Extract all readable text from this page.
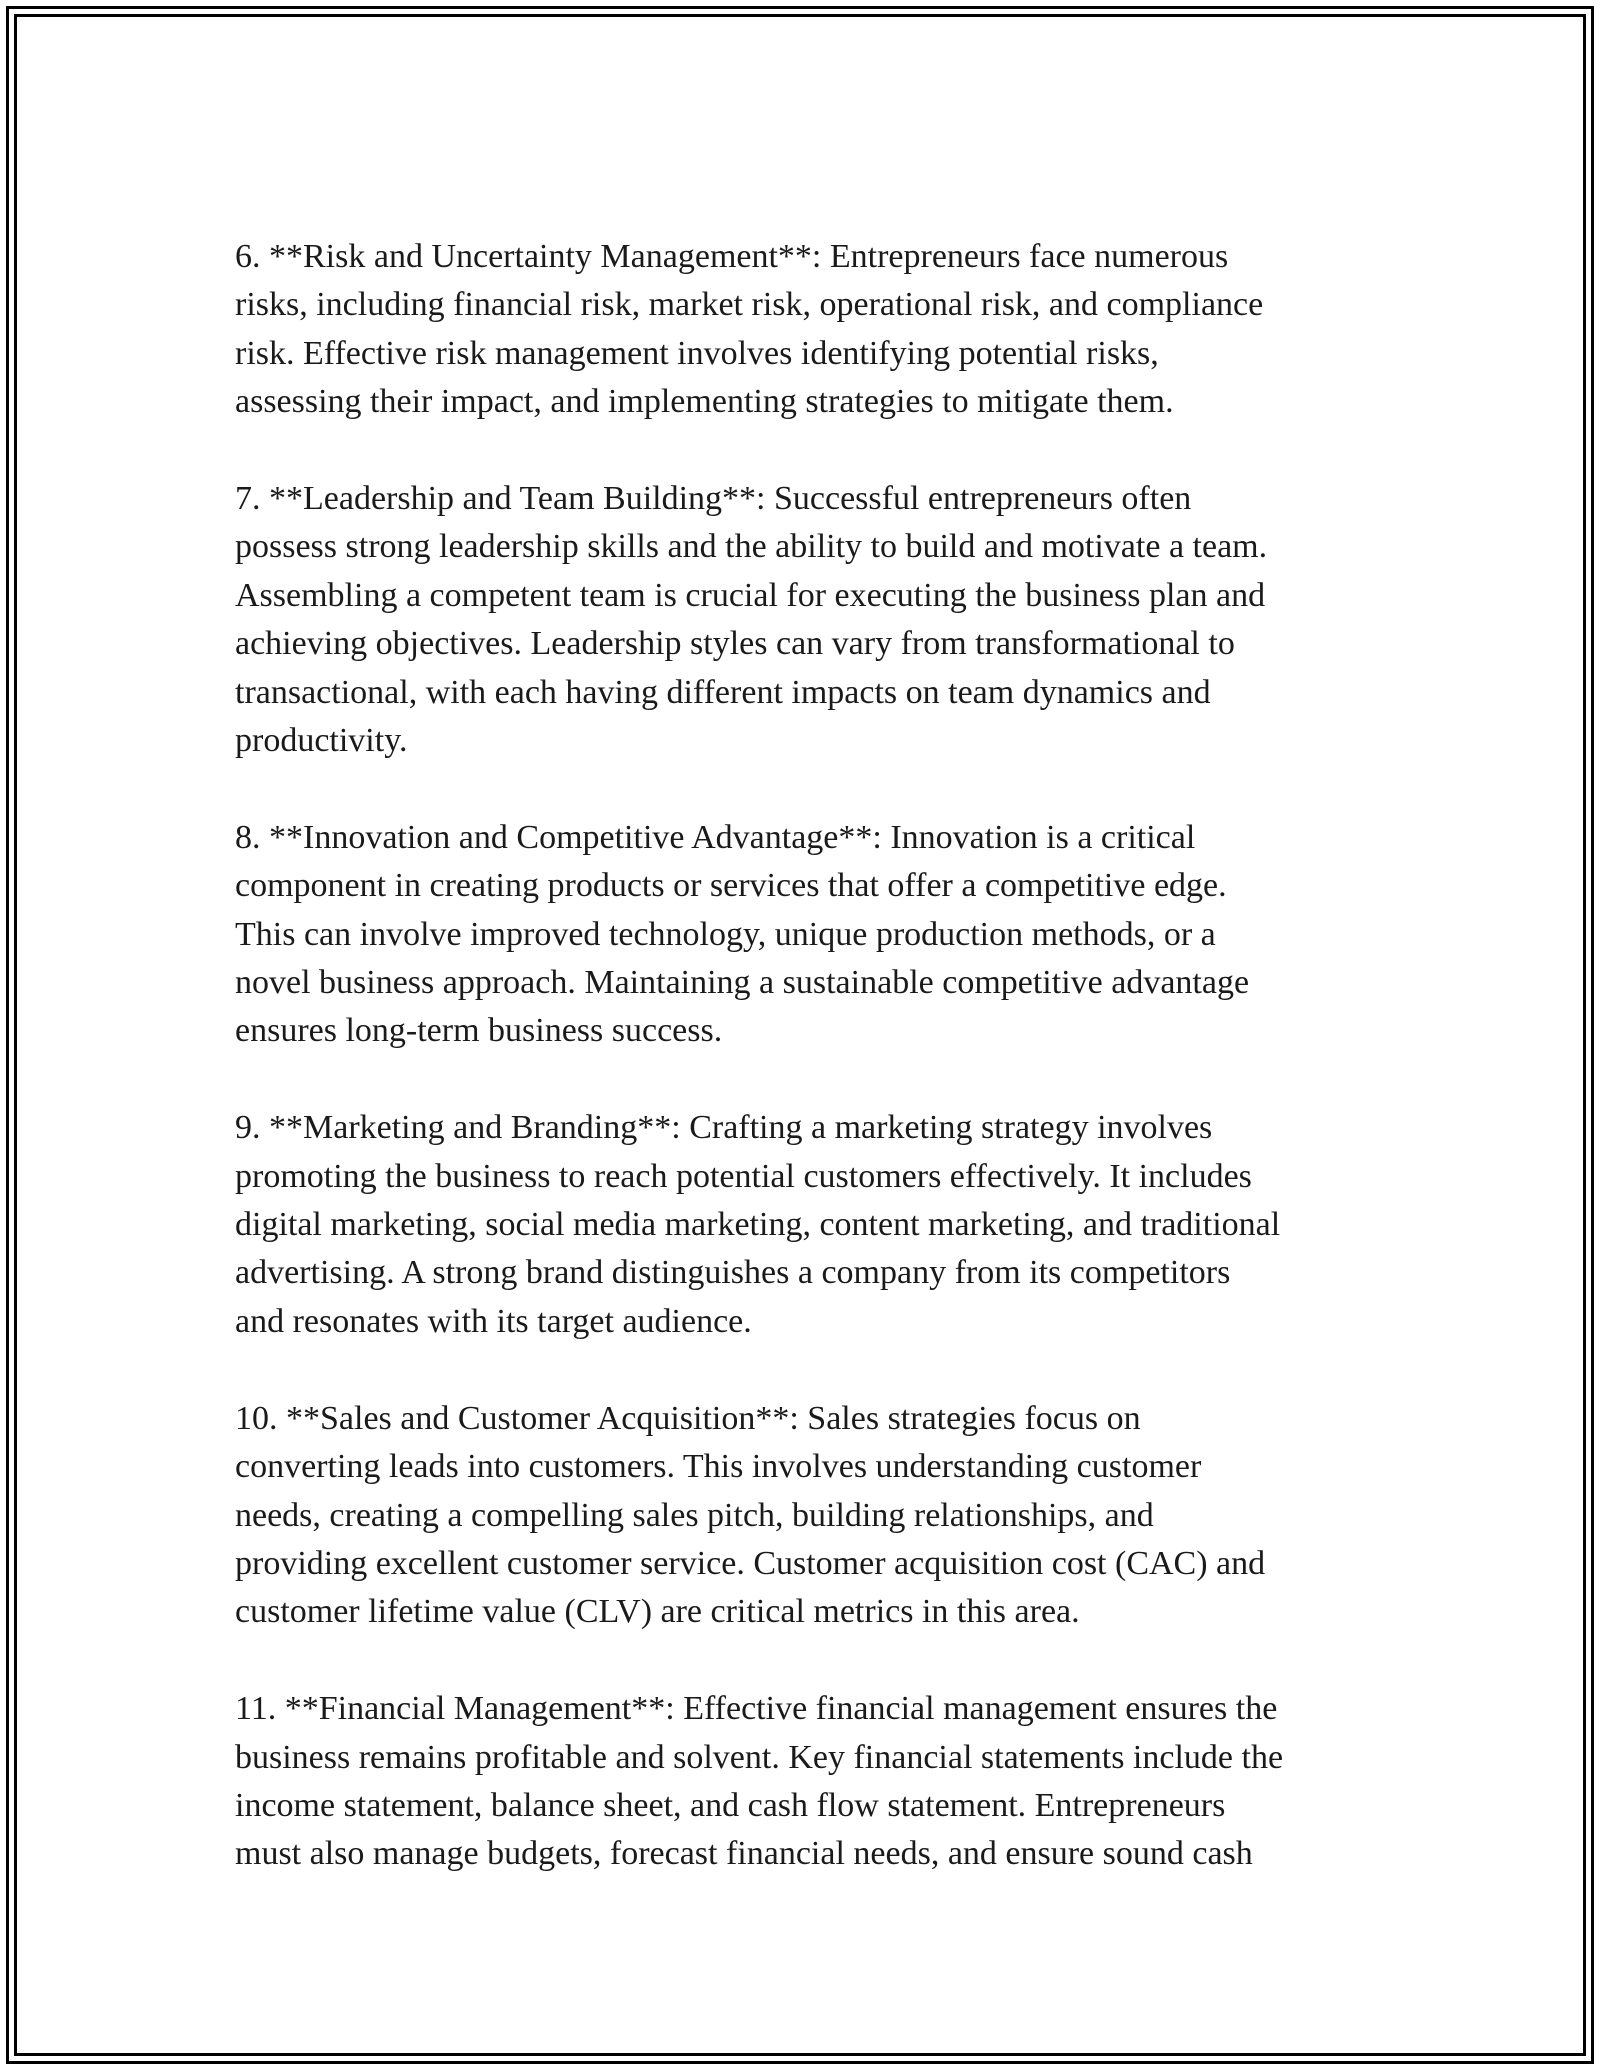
6. **Risk and Uncertainty Management**: Entrepreneurs face numerous
risks, including financial risk, market risk, operational risk, and compliance
risk. Effective risk management involves identifying potential risks,
assessing their impact, and implementing strategies to mitigate them.

7. **Leadership and Team Building**: Successful entrepreneurs often
possess strong leadership skills and the ability to build and motivate a team.
Assembling a competent team is crucial for executing the business plan and
achieving objectives. Leadership styles can vary from transformational to
transactional, with each having different impacts on team dynamics and
productivity.

8. **Innovation and Competitive Advantage**: Innovation is a critical
component in creating products or services that offer a competitive edge.
This can involve improved technology, unique production methods, or a
novel business approach. Maintaining a sustainable competitive advantage
ensures long-term business success.

9. **Marketing and Branding**: Crafting a marketing strategy involves
promoting the business to reach potential customers effectively. It includes
digital marketing, social media marketing, content marketing, and traditional
advertising. A strong brand distinguishes a company from its competitors
and resonates with its target audience.

10. **Sales and Customer Acquisition**: Sales strategies focus on
converting leads into customers. This involves understanding customer
needs, creating a compelling sales pitch, building relationships, and
providing excellent customer service. Customer acquisition cost (CAC) and
customer lifetime value (CLV) are critical metrics in this area.

11. **Financial Management**: Effective financial management ensures the
business remains profitable and solvent. Key financial statements include the
income statement, balance sheet, and cash flow statement. Entrepreneurs
must also manage budgets, forecast financial needs, and ensure sound cash
